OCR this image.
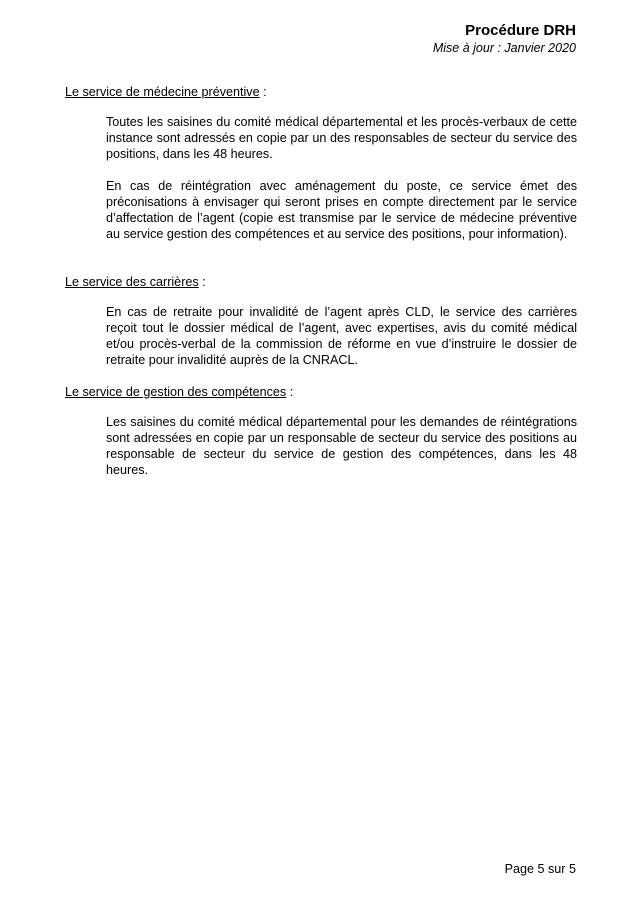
Procédure DRH
Mise à jour : Janvier 2020

Le service de médecine préventive :

Toutes les saisines du comité médical départemental et les procès-verbaux de cette instance sont adressés en copie par un des responsables de secteur du service des positions, dans les 48 heures.

En cas de réintégration avec aménagement du poste, ce service émet des préconisations à envisager qui seront prises en compte directement par le service d’affectation de l’agent (copie est transmise par le service de médecine préventive au service gestion des compétences et au service des positions, pour information).

Le service des carrières :

En cas de retraite pour invalidité de l’agent après CLD, le service des carrières reçoit tout le dossier médical de l’agent, avec expertises, avis du comité médical et/ou procès-verbal de la commission de réforme en vue d’instruire le dossier de retraite pour invalidité auprès de la CNRACL.

Le service de gestion des compétences :

Les saisines du comité médical départemental pour les demandes de réintégrations sont adressées en copie par un responsable de secteur du service des positions au responsable de secteur du service de gestion des compétences, dans les 48 heures.

Page 5 sur 5
